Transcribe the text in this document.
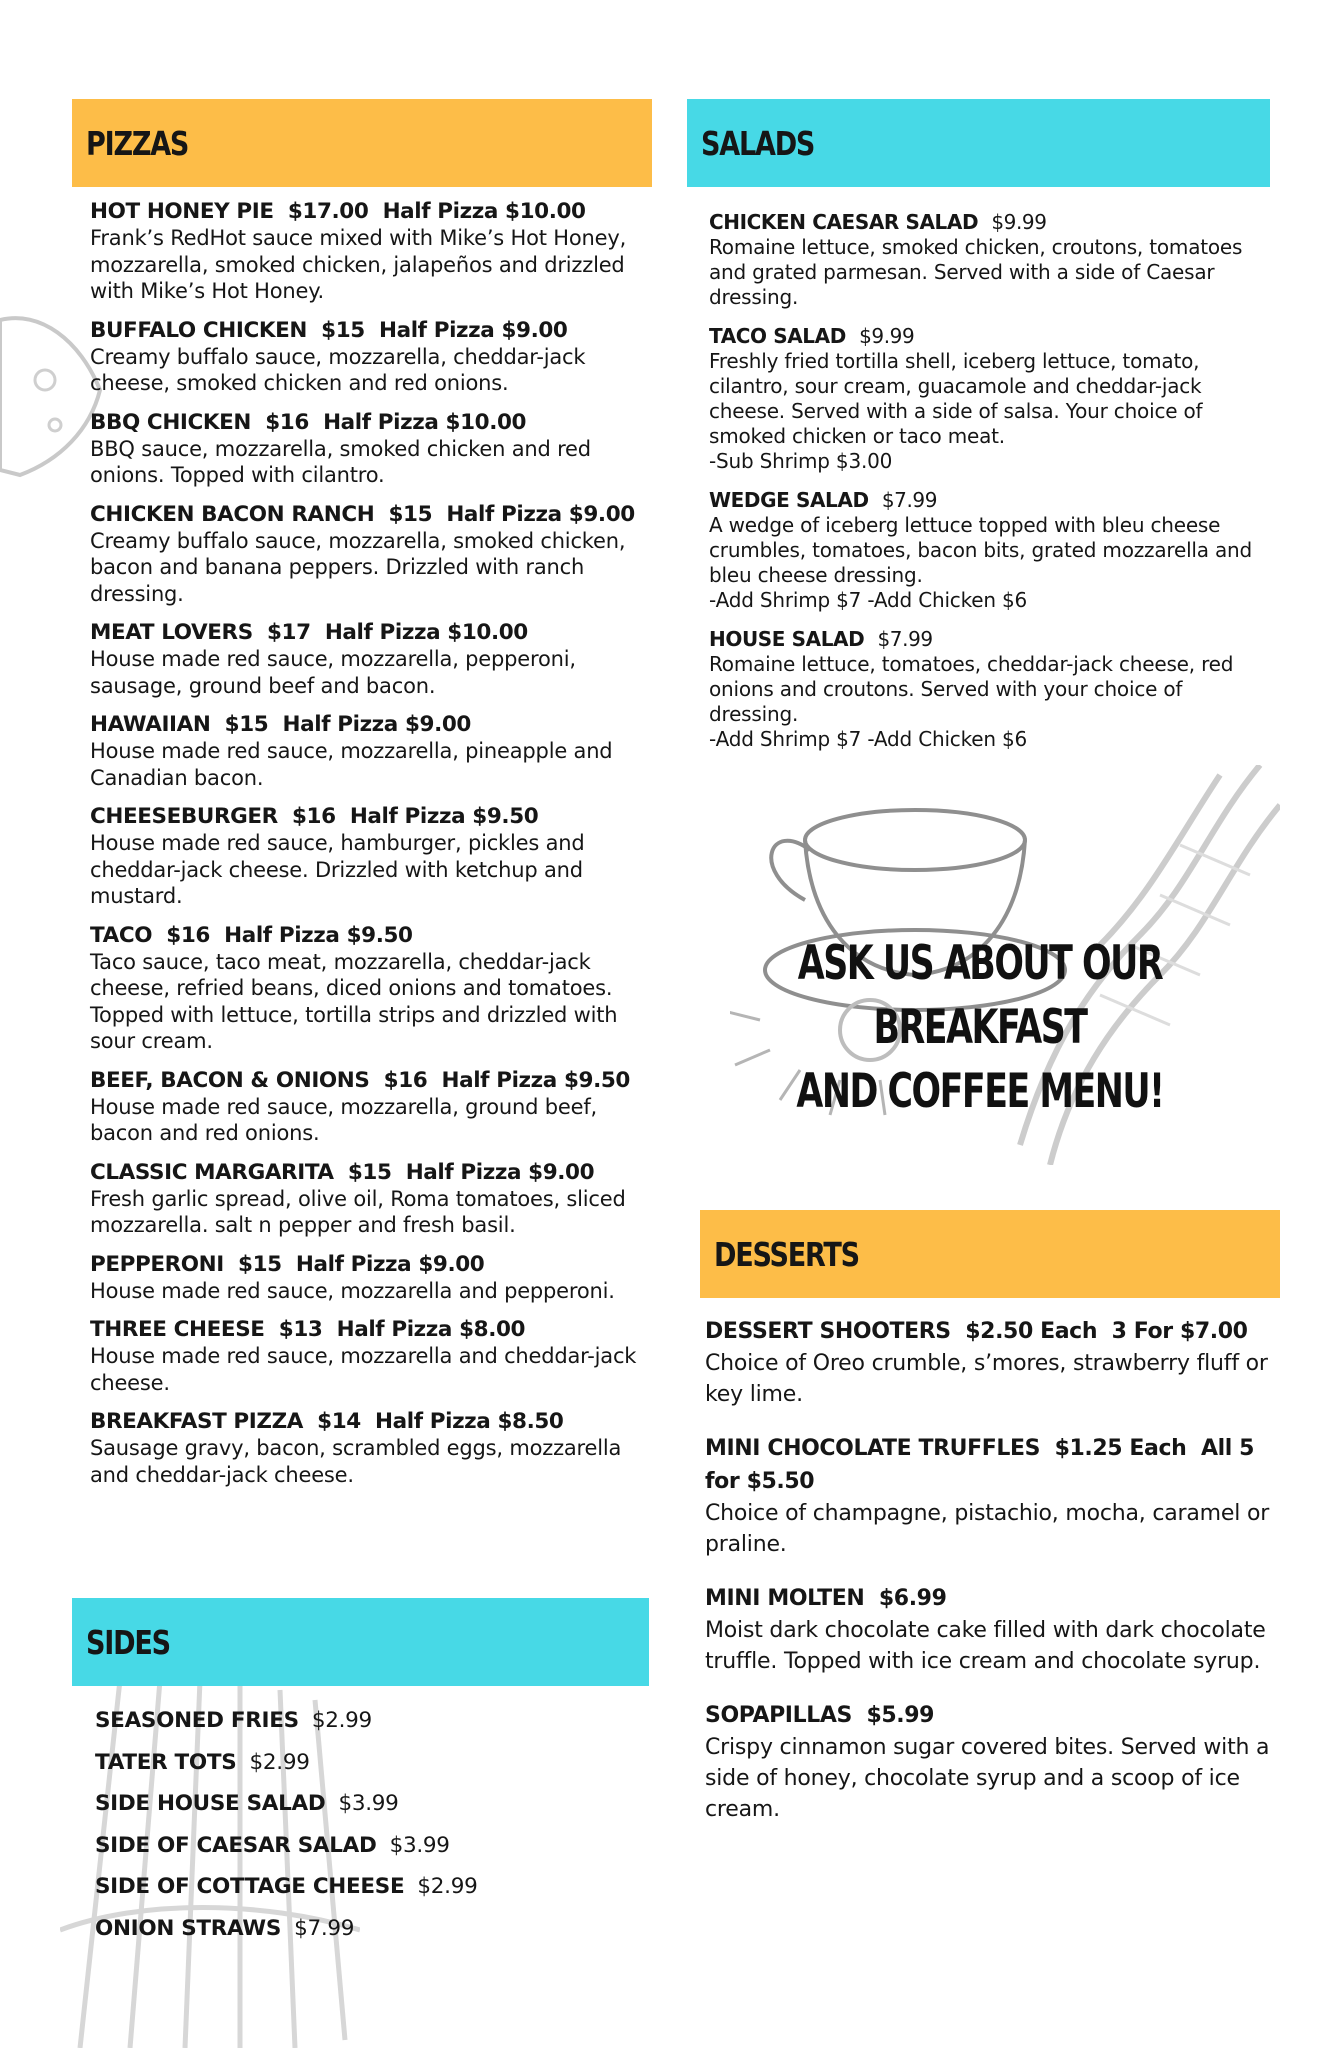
PIZZAS
HOT HONEY PIE $17.00 Half Pizza $10.00
Frank’s RedHot sauce mixed with Mike’s Hot Honey, mozzarella, smoked chicken, jalapeños and drizzled with Mike’s Hot Honey.
BUFFALO CHICKEN $15 Half Pizza $9.00
Creamy buffalo sauce, mozzarella, cheddar-jack cheese, smoked chicken and red onions.
BBQ CHICKEN $16 Half Pizza $10.00
BBQ sauce, mozzarella, smoked chicken and red onions. Topped with cilantro.
CHICKEN BACON RANCH $15 Half Pizza $9.00
Creamy buffalo sauce, mozzarella, smoked chicken, bacon and banana peppers. Drizzled with ranch dressing.
MEAT LOVERS $17 Half Pizza $10.00
House made red sauce, mozzarella, pepperoni, sausage, ground beef and bacon.
HAWAIIAN $15 Half Pizza $9.00
House made red sauce, mozzarella, pineapple and Canadian bacon.
CHEESEBURGER $16 Half Pizza $9.50
House made red sauce, hamburger, pickles and cheddar-jack cheese. Drizzled with ketchup and mustard.
TACO $16 Half Pizza $9.50
Taco sauce, taco meat, mozzarella, cheddar-jack cheese, refried beans, diced onions and tomatoes. Topped with lettuce, tortilla strips and drizzled with sour cream.
BEEF, BACON & ONIONS $16 Half Pizza $9.50
House made red sauce, mozzarella, ground beef, bacon and red onions.
CLASSIC MARGARITA $15 Half Pizza $9.00
Fresh garlic spread, olive oil, Roma tomatoes, sliced mozzarella. salt n pepper and fresh basil.
PEPPERONI $15 Half Pizza $9.00
House made red sauce, mozzarella and pepperoni.
THREE CHEESE $13 Half Pizza $8.00
House made red sauce, mozzarella and cheddar-jack cheese.
BREAKFAST PIZZA $14 Half Pizza $8.50
Sausage gravy, bacon, scrambled eggs, mozzarella and cheddar-jack cheese.
SALADS
CHICKEN CAESAR SALAD $9.99
Romaine lettuce, smoked chicken, croutons, tomatoes and grated parmesan. Served with a side of Caesar dressing.
TACO SALAD $9.99
Freshly fried tortilla shell, iceberg lettuce, tomato, cilantro, sour cream, guacamole and cheddar-jack cheese. Served with a side of salsa. Your choice of smoked chicken or taco meat.
-Sub Shrimp $3.00
WEDGE SALAD $7.99
A wedge of iceberg lettuce topped with bleu cheese crumbles, tomatoes, bacon bits, grated mozzarella and bleu cheese dressing.
-Add Shrimp $7 -Add Chicken $6
HOUSE SALAD $7.99
Romaine lettuce, tomatoes, cheddar-jack cheese, red onions and croutons. Served with your choice of dressing.
-Add Shrimp $7 -Add Chicken $6
ASK US ABOUT OUR BREAKFAST
AND COFFEE MENU!
SIDES
SEASONED FRIES $2.99
TATER TOTS $2.99
SIDE HOUSE SALAD $3.99
SIDE OF CAESAR SALAD $3.99
SIDE OF COTTAGE CHEESE $2.99
ONION STRAWS $7.99
DESSERTS
DESSERT SHOOTERS $2.50 Each 3 For $7.00
Choice of Oreo crumble, s’mores, strawberry fluff or key lime.
MINI CHOCOLATE TRUFFLES $1.25 Each All 5 for $5.50
Choice of champagne, pistachio, mocha, caramel or praline.
MINI MOLTEN $6.99
Moist dark chocolate cake filled with dark chocolate truffle. Topped with ice cream and chocolate syrup.
SOPAPILLAS $5.99
Crispy cinnamon sugar covered bites. Served with a side of honey, chocolate syrup and a scoop of ice cream.
